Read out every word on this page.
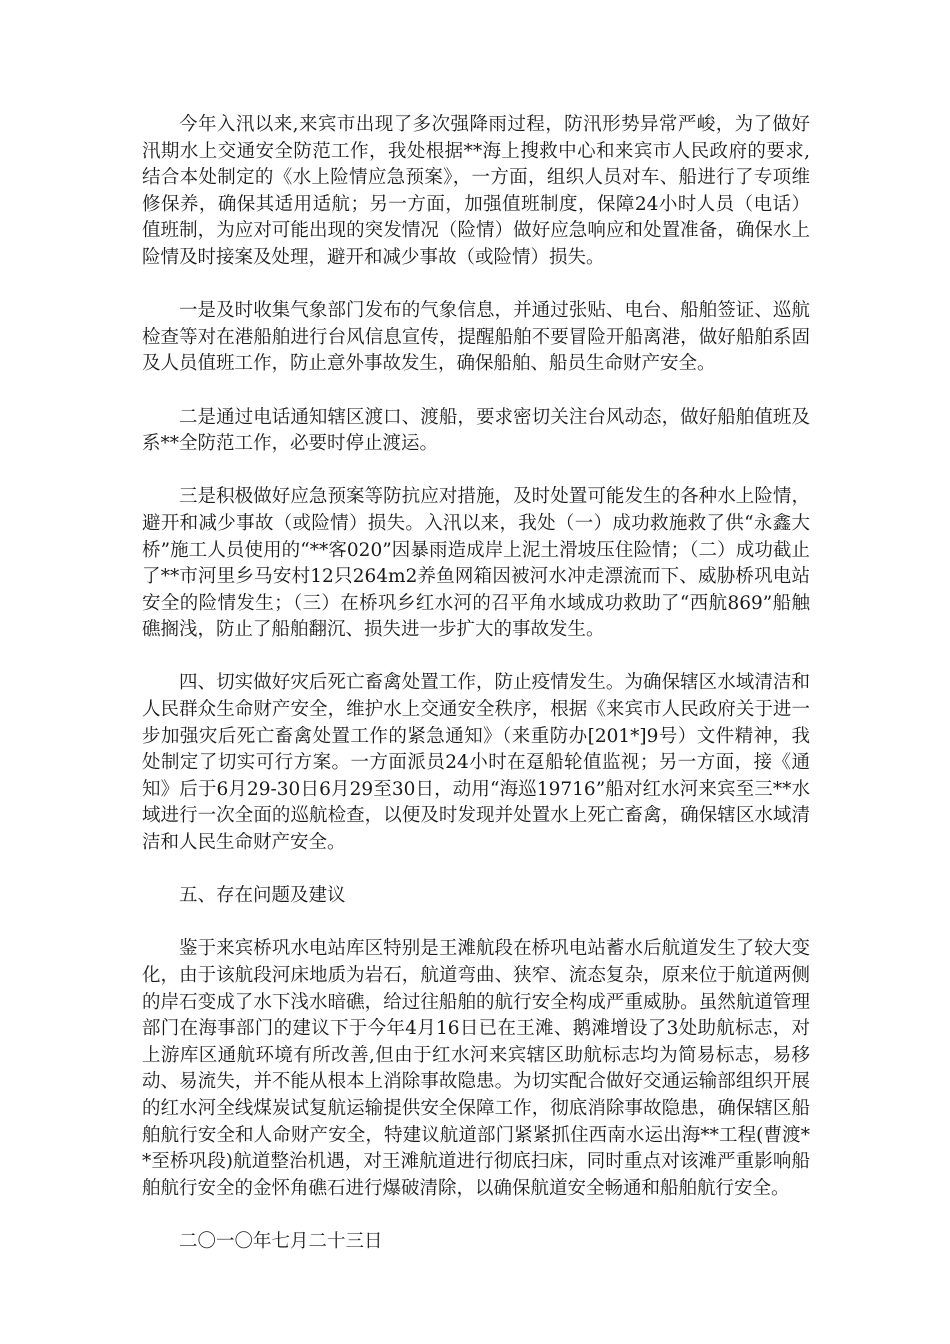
今年入汛以来,来宾市出现了多次强降雨过程，防汛形势异常严峻，为了做好汛期水上交通安全防范工作，我处根据**海上搜救中心和来宾市人民政府的要求,结合本处制定的《水上险情应急预案》，一方面，组织人员对车、船进行了专项维修保养，确保其适用适航；另一方面，加强值班制度，保障24小时人员（电话）值班制，为应对可能出现的突发情况（险情）做好应急响应和处置准备，确保水上险情及时接案及处理，避开和减少事故（或险情）损失。

一是及时收集气象部门发布的气象信息，并通过张贴、电台、船舶签证、巡航检查等对在港船舶进行台风信息宣传，提醒船舶不要冒险开船离港，做好船舶系固及人员值班工作，防止意外事故发生，确保船舶、船员生命财产安全。

二是通过电话通知辖区渡口、渡船，要求密切关注台风动态，做好船舶值班及系**全防范工作，必要时停止渡运。

三是积极做好应急预案等防抗应对措施，及时处置可能发生的各种水上险情，避开和减少事故（或险情）损失。入汛以来，我处（一）成功救施救了供“永鑫大桥”施工人员使用的“**客020”因暴雨造成岸上泥土滑坡压住险情；（二）成功截止了**市河里乡马安村12只264m2养鱼网箱因被河水冲走漂流而下、威胁桥巩电站安全的险情发生；（三）在桥巩乡红水河的召平角水域成功救助了“西航869”船触礁搁浅，防止了船舶翻沉、损失进一步扩大的事故发生。

四、切实做好灾后死亡畜禽处置工作，防止疫情发生。为确保辖区水域清洁和人民群众生命财产安全，维护水上交通安全秩序，根据《来宾市人民政府关于进一步加强灾后死亡畜禽处置工作的紧急通知》（来重防办[201*]9号）文件精神，我处制定了切实可行方案。一方面派员24小时在趸船轮值监视；另一方面，接《通知》后于6月29-30日6月29至30日，动用“海巡19716”船对红水河来宾至三**水域进行一次全面的巡航检查，以便及时发现并处置水上死亡畜禽，确保辖区水域清洁和人民生命财产安全。

五、存在问题及建议

鉴于来宾桥巩水电站库区特别是王滩航段在桥巩电站蓄水后航道发生了较大变化，由于该航段河床地质为岩石，航道弯曲、狭窄、流态复杂，原来位于航道两侧的岸石变成了水下浅水暗礁，给过往船舶的航行安全构成严重威胁。虽然航道管理部门在海事部门的建议下于今年4月16日已在王滩、鹅滩增设了3处助航标志，对上游库区通航环境有所改善,但由于红水河来宾辖区助航标志均为简易标志，易移动、易流失，并不能从根本上消除事故隐患。为切实配合做好交通运输部组织开展的红水河全线煤炭试复航运输提供安全保障工作，彻底消除事故隐患，确保辖区船舶航行安全和人命财产安全，特建议航道部门紧紧抓住西南水运出海**工程(曹渡**至桥巩段)航道整治机遇，对王滩航道进行彻底扫床，同时重点对该滩严重影响船舶航行安全的金怀角礁石进行爆破清除，以确保航道安全畅通和船舶航行安全。

二〇一〇年七月二十三日
